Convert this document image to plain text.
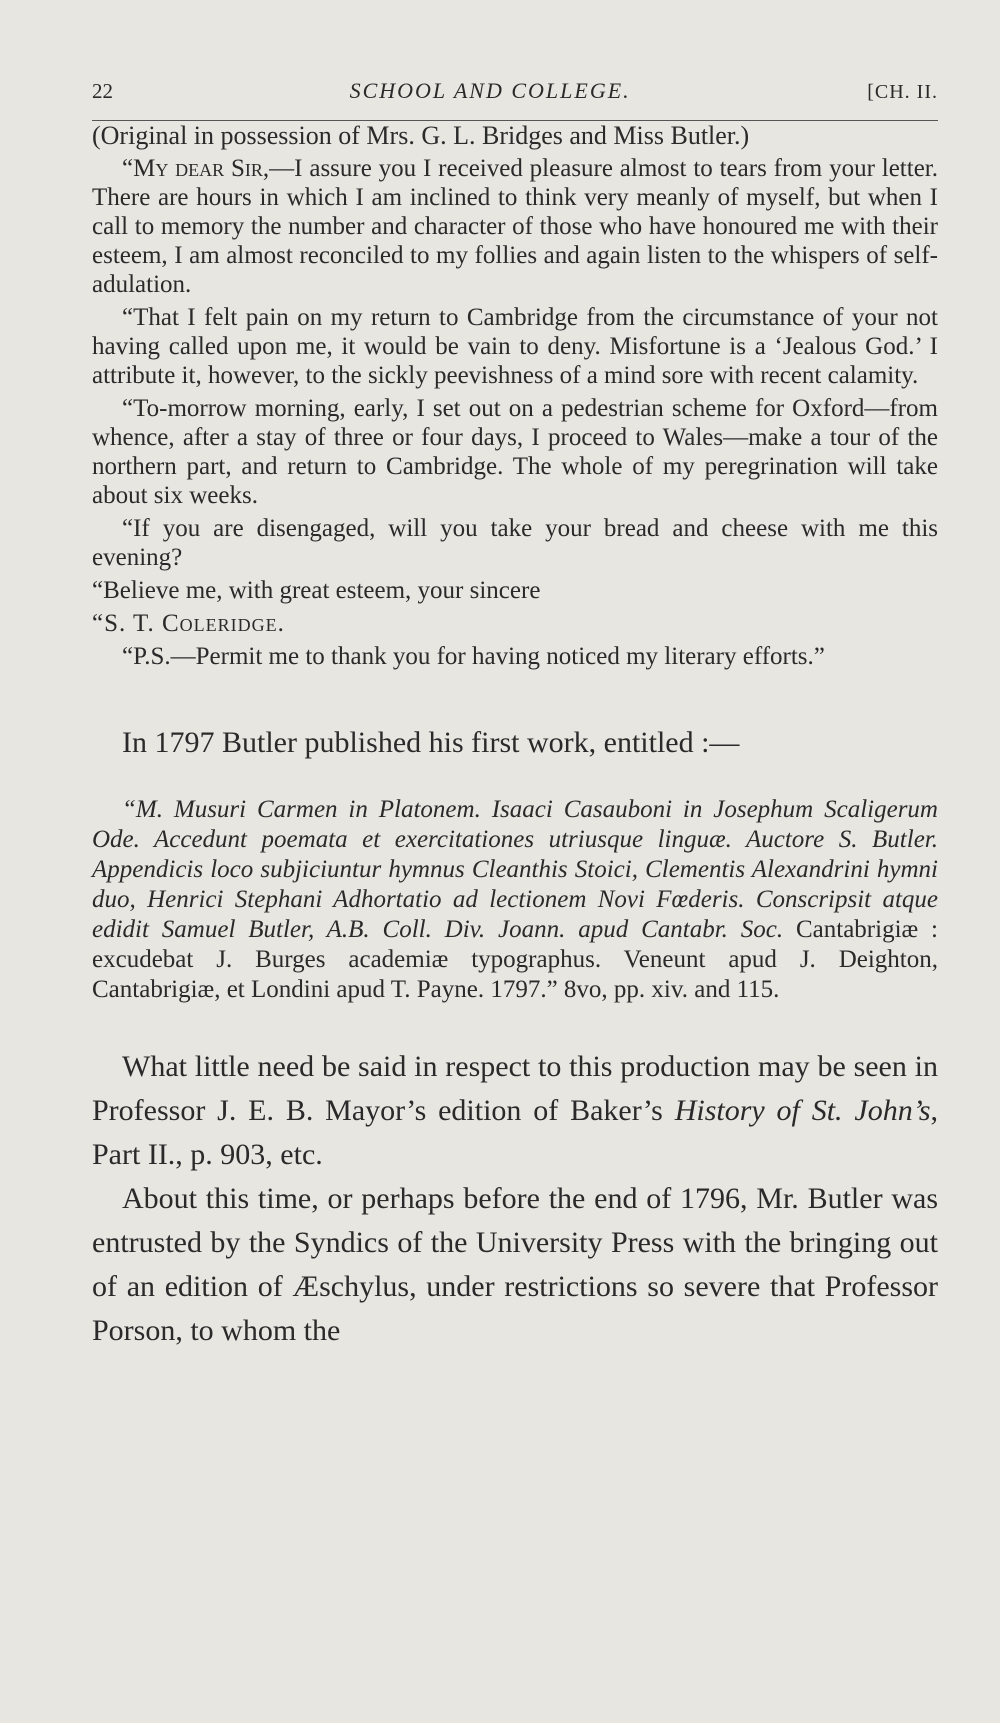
22	SCHOOL AND COLLEGE.	[CH. II.

(Original in possession of Mrs. G. L. Bridges and Miss Butler.)

“My dear Sir,—I assure you I received pleasure almost to tears from your letter. There are hours in which I am inclined to think very meanly of myself, but when I call to memory the number and character of those who have honoured me with their esteem, I am almost reconciled to my follies and again listen to the whispers of self-adulation.

“That I felt pain on my return to Cambridge from the circumstance of your not having called upon me, it would be vain to deny. Misfortune is a ‘Jealous God.’ I attribute it, however, to the sickly peevishness of a mind sore with recent calamity.

“To-morrow morning, early, I set out on a pedestrian scheme for Oxford—from whence, after a stay of three or four days, I proceed to Wales—make a tour of the northern part, and return to Cambridge. The whole of my peregrination will take about six weeks.

“If you are disengaged, will you take your bread and cheese with me this evening?

“Believe me, with great esteem, your sincere

“S. T. Coleridge.

“P.S.—Permit me to thank you for having noticed my literary efforts.”

In 1797 Butler published his first work, entitled :—

“M. Musuri Carmen in Platonem. Isaaci Casauboni in Josephum Scaligerum Ode. Accedunt poemata et exercitationes utriusque linguæ. Auctore S. Butler. Appendicis loco subjiciuntur hymnus Cleanthis Stoici, Clementis Alexandrini hymni duo, Henrici Stephani Adhortatio ad lectionem Novi Fœderis. Conscripsit atque edidit Samuel Butler, A.B. Coll. Div. Joann. apud Cantabr. Soc. Cantabrigiæ : excudebat J. Burges academiæ typographus. Veneunt apud J. Deighton, Cantabrigiæ, et Londini apud T. Payne. 1797.” 8vo, pp. xiv. and 115.

What little need be said in respect to this production may be seen in Professor J. E. B. Mayor’s edition of Baker’s History of St. John’s, Part II., p. 903, etc.

About this time, or perhaps before the end of 1796, Mr. Butler was entrusted by the Syndics of the University Press with the bringing out of an edition of Æschylus, under restrictions so severe that Professor Porson, to whom the
